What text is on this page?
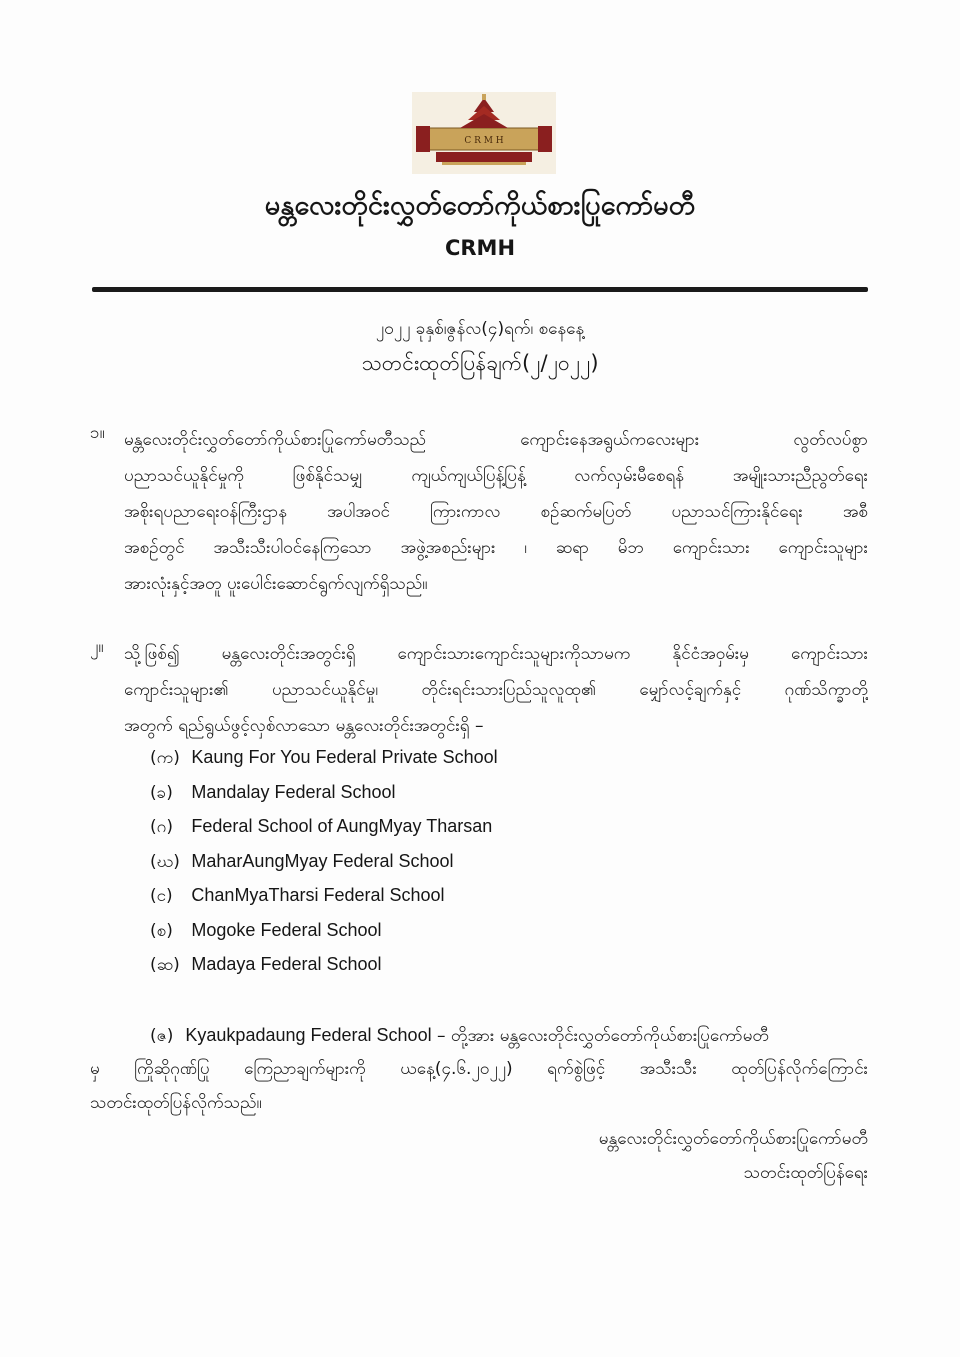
C R M H
မန္တလေးတိုင်းလွှတ်တော်ကိုယ်စားပြုကော်မတီ
CRMH
၂၀၂၂ ခုနှစ်၊ဇွန်လ(၄)ရက်၊ စနေနေ့
သတင်းထုတ်ပြန်ချက်(၂/၂၀၂၂)
၁။	မန္တလေးတိုင်းလွှတ်တော်ကိုယ်စားပြုကော်မတီသည် ကျောင်းနေအရွယ်ကလေးများ လွတ်လပ်စွာ
ပညာသင်ယူနိုင်မှုကို ဖြစ်နိုင်သမျှ ကျယ်ကျယ်ပြန့်ပြန့် လက်လှမ်းမီစေရန် အမျိုးသားညီညွတ်ရေး
အစိုးရပညာရေးဝန်ကြီးဌာန အပါအဝင် ကြားကာလ စဉ်ဆက်မပြတ် ပညာသင်ကြားနိုင်ရေး အစီ
အစဉ်တွင် အသီးသီးပါဝင်နေကြသော အဖွဲ့အစည်းများ ၊ ဆရာ မိဘ ကျောင်းသား ကျောင်းသူများ
အားလုံးနှင့်အတူ ပူးပေါင်းဆောင်ရွက်လျက်ရှိသည်။
၂။	သို့ဖြစ်၍ မန္တလေးတိုင်းအတွင်းရှိ ကျောင်းသားကျောင်းသူများကိုသာမက နိုင်ငံအဝှမ်းမှ ကျောင်းသား
ကျောင်းသူများ၏ ပညာသင်ယူနိုင်မှု၊ တိုင်းရင်းသားပြည်သူလူထု၏ မျှော်လင့်ချက်နှင့် ဂုဏ်သိက္ခာတို့
အတွက် ရည်ရွယ်ဖွင့်လှစ်လာသော မန္တလေးတိုင်းအတွင်းရှိ –
(က) Kaung For You Federal Private School
(ခ) Mandalay Federal School
(ဂ) Federal School of AungMyay Tharsan
(ဃ) MaharAungMyay Federal School
(င) ChanMyaTharsi Federal School
(စ) Mogoke Federal School
(ဆ) Madaya Federal School
(ဇ) Kyaukpadaung Federal School – တို့အား မန္တလေးတိုင်းလွှတ်တော်ကိုယ်စားပြုကော်မတီ
မှ ကြိုဆိုဂုဏ်ပြု ကြေညာချက်များကို ယနေ့(၄.၆.၂၀၂၂) ရက်စွဲဖြင့် အသီးသီး ထုတ်ပြန်လိုက်ကြောင်း
သတင်းထုတ်ပြန်လိုက်သည်။
မန္တလေးတိုင်းလွှတ်တော်ကိုယ်စားပြုကော်မတီ
သတင်းထုတ်ပြန်ရေး
